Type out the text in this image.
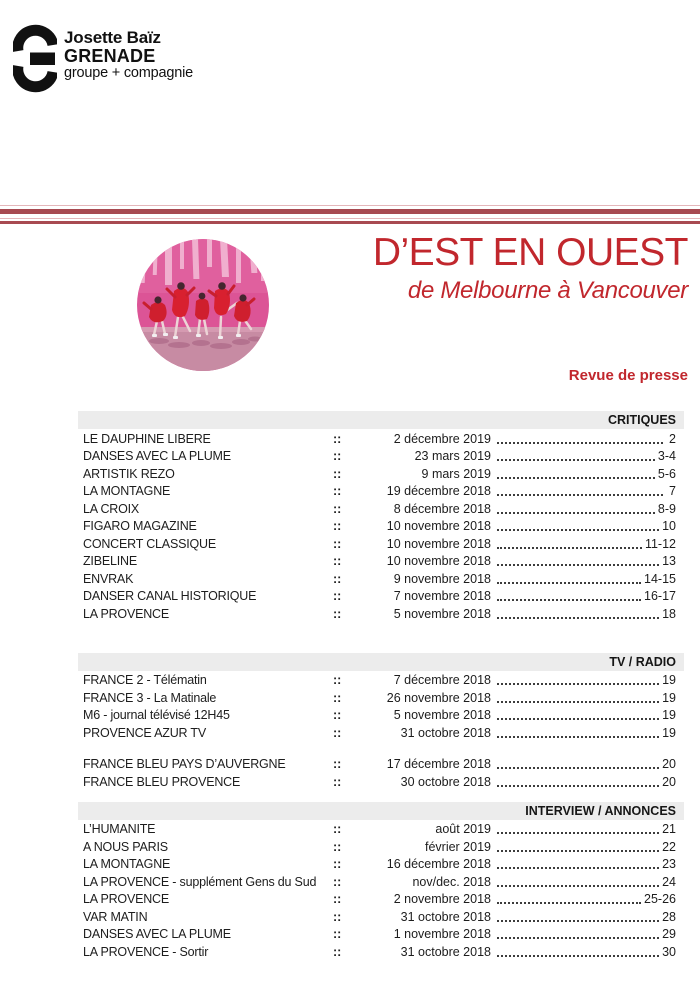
Josette Baïz
GRENADE
groupe + compagnie
D’EST EN OUEST
de Melbourne à Vancouver
Revue de presse
CRITIQUES
LE DAUPHINE LIBERE	::	2 décembre 2019	2
DANSES AVEC LA PLUME	::	23 mars 2019	3-4
ARTISTIK REZO	::	9 mars 2019	5-6
LA MONTAGNE	::	19 décembre 2018	7
LA CROIX	::	8 décembre 2018	8-9
FIGARO MAGAZINE	::	10 novembre 2018	10
CONCERT CLASSIQUE	::	10 novembre 2018	11-12
ZIBELINE	::	10 novembre 2018	13
ENVRAK	::	9 novembre 2018	14-15
DANSER CANAL HISTORIQUE	::	7 novembre 2018	16-17
LA PROVENCE	::	5 novembre 2018	18
TV / RADIO
FRANCE 2 - Télématin	::	7 décembre 2018	19
FRANCE 3 - La Matinale	::	26 novembre 2018	19
M6 - journal télévisé 12H45	::	5 novembre 2018	19
PROVENCE AZUR TV	::	31 octobre 2018	19
FRANCE BLEU PAYS D’AUVERGNE	::	17 décembre 2018	20
FRANCE BLEU PROVENCE	::	30 octobre 2018	20
INTERVIEW / ANNONCES
L’HUMANITE	::	août 2019	21
A NOUS PARIS	::	février 2019	22
LA MONTAGNE	::	16 décembre 2018	23
LA PROVENCE - supplément Gens du Sud	::	nov/dec. 2018	24
LA PROVENCE	::	2 novembre 2018	25-26
VAR MATIN	::	31 octobre 2018	28
DANSES AVEC LA PLUME	::	1 novembre 2018	29
LA PROVENCE - Sortir	::	31 octobre 2018	30
